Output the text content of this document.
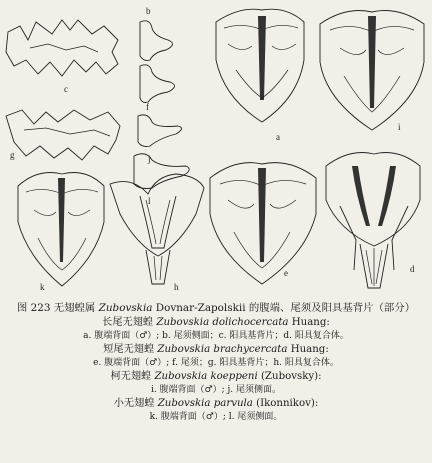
c
b
f
j
g
l
a
i
k	h
e	d
图 223 无翅蝗属 Zubovskia Dovnar-Zapolskii 的腹端、尾须及阳具基背片（部分）
长尾无翅蝗 Zubovskia dolichocercata Huang:
a. 腹端背面（♂）; b. 尾须侧面；c. 阳具基背片；d. 阳具复合体。
短尾无翅蝗 Zubovskia brachycercata Huang:
e. 腹端背面（♂）; f. 尾须；g. 阳具基背片；h. 阳具复合体。
柯无翅蝗 Zubovskia koeppeni (Zubovsky):
i. 腹端背面（♂）; j. 尾须侧面。
小无翅蝗 Zubovskia parvula (Ikonnikov):
k. 腹端背面（♂）; l. 尾须侧面。
